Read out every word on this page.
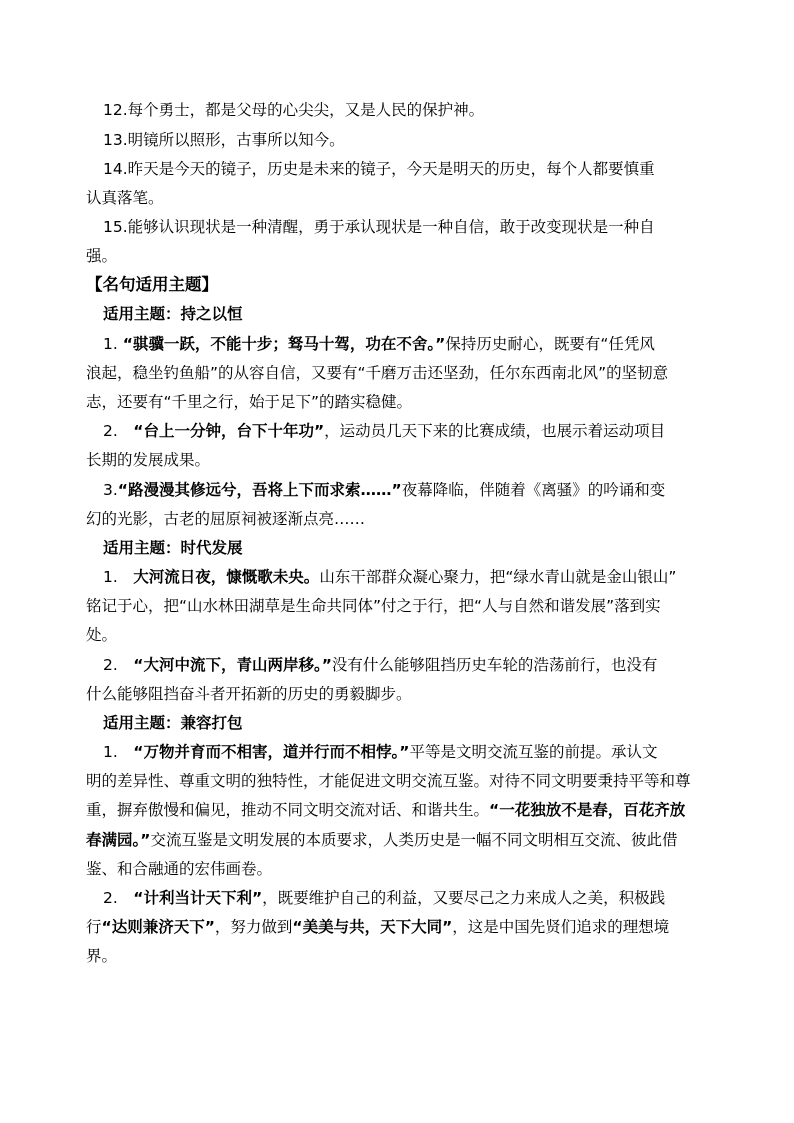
12.每个勇士，都是父母的心尖尖，又是人民的保护神。
13.明镜所以照形，古事所以知今。
14.昨天是今天的镜子，历史是未来的镜子，今天是明天的历史，每个人都要慎重
认真落笔。
15.能够认识现状是一种清醒，勇于承认现状是一种自信，敢于改变现状是一种自
强。
【名句适用主题】
适用主题：持之以恒
1. “骐骥一跃，不能十步；驽马十驾，功在不舍。”保持历史耐心，既要有“任凭风
浪起，稳坐钓鱼船”的从容自信，又要有“千磨万击还坚劲，任尔东西南北风”的坚韧意
志，还要有“千里之行，始于足下”的踏实稳健。
2.　“台上一分钟，台下十年功”，运动员几天下来的比赛成绩，也展示着运动项目
长期的发展成果。
3.“路漫漫其修远兮，吾将上下而求索……”夜幕降临，伴随着《离骚》的吟诵和变
幻的光影，古老的屈原祠被逐渐点亮……
适用主题：时代发展
1.　大河流日夜，慷慨歌未央。山东干部群众凝心聚力，把“绿水青山就是金山银山”
铭记于心，把“山水林田湖草是生命共同体”付之于行，把“人与自然和谐发展”落到实
处。
2.　“大河中流下，青山两岸移。”没有什么能够阻挡历史车轮的浩荡前行，也没有
什么能够阻挡奋斗者开拓新的历史的勇毅脚步。
适用主题：兼容打包
1.　“万物并育而不相害，道并行而不相悖。”平等是文明交流互鉴的前提。承认文
明的差异性、尊重文明的独特性，才能促进文明交流互鉴。对待不同文明要秉持平等和尊
重，摒弃傲慢和偏见，推动不同文明交流对话、和谐共生。“一花独放不是春，百花齐放
春满园。”交流互鉴是文明发展的本质要求，人类历史是一幅不同文明相互交流、彼此借
鉴、和合融通的宏伟画卷。
2.　“计利当计天下利”，既要维护自己的利益，又要尽己之力来成人之美，积极践
行“达则兼济天下”，努力做到“美美与共，天下大同”，这是中国先贤们追求的理想境
界。
